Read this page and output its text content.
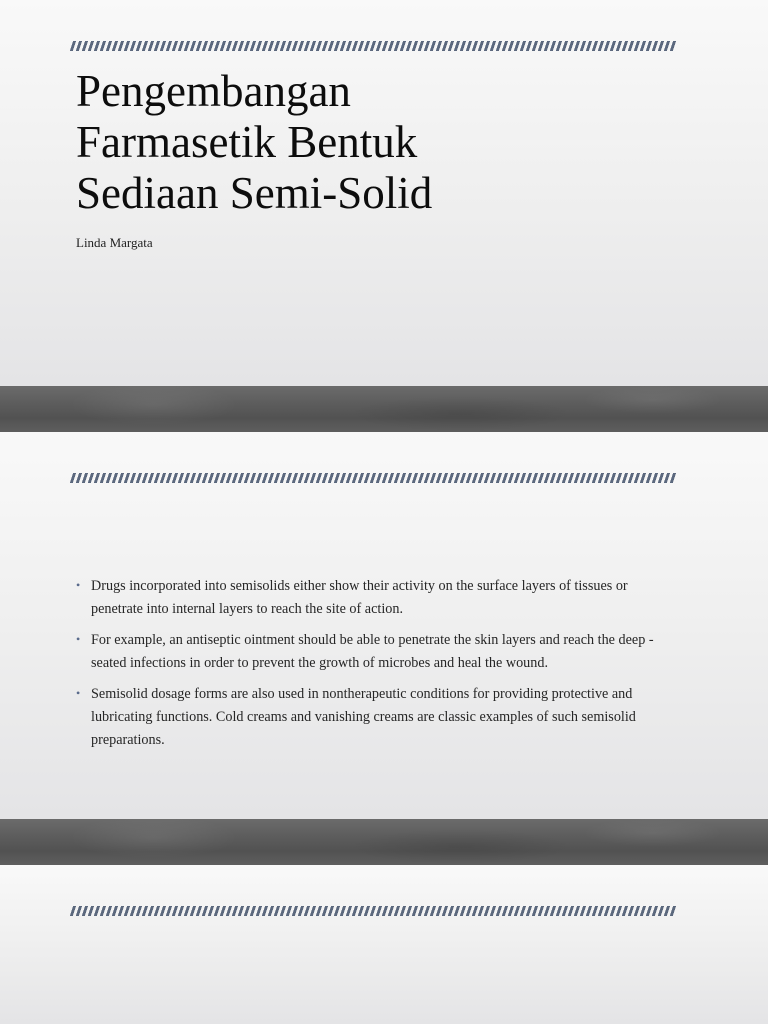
Pengembangan
Farmasetik Bentuk
Sediaan Semi-Solid

Linda Margata

• Drugs incorporated into semisolids either show their activity on the surface layers of tissues or penetrate into internal layers to reach the site of action.
• For example, an antiseptic ointment should be able to penetrate the skin layers and reach the deep - seated infections in order to prevent the growth of microbes and heal the wound.
• Semisolid dosage forms are also used in nontherapeutic conditions for providing protective and lubricating functions. Cold creams and vanishing creams are classic examples of such semisolid preparations.
